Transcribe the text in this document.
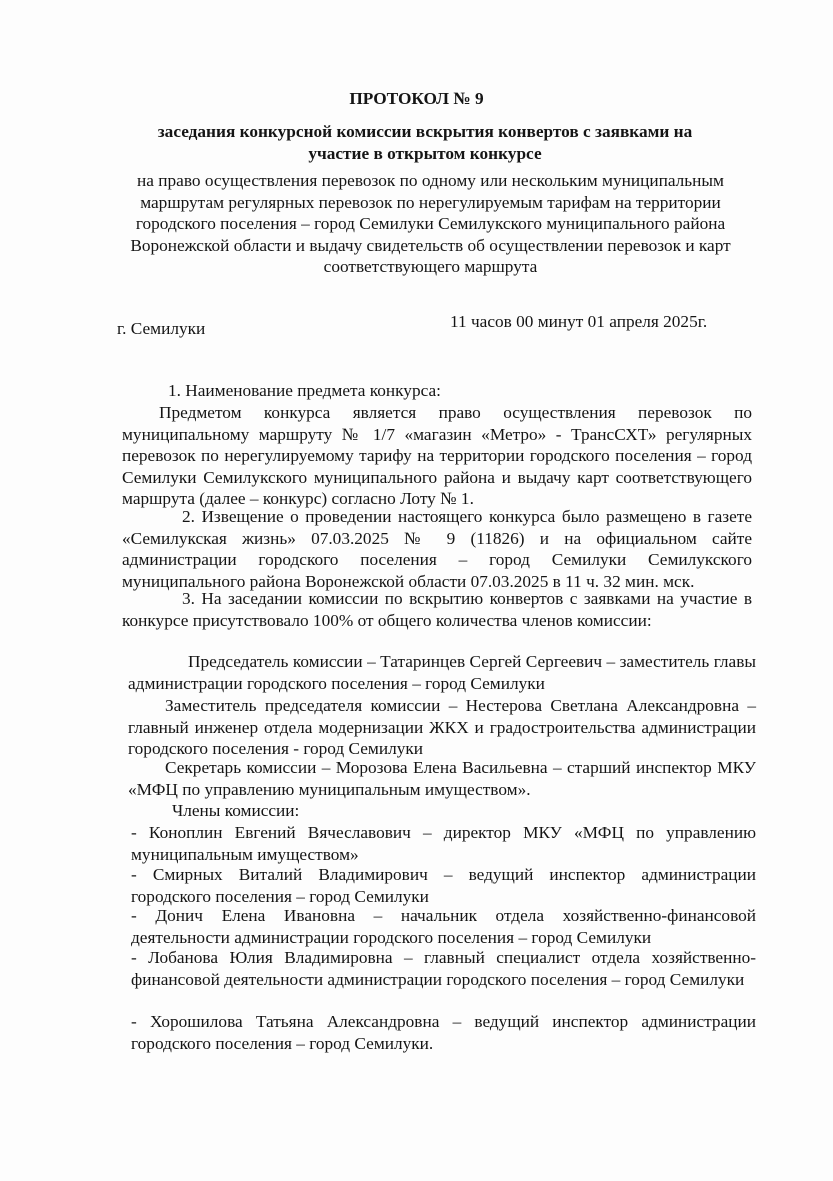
ПРОТОКОЛ № 9
заседания конкурсной комиссии вскрытия конвертов с заявками на участие в открытом конкурсе
на право осуществления перевозок по одному или нескольким муниципальным маршрутам регулярных перевозок по нерегулируемым тарифам на территории городского поселения – город Семилуки Семилукского муниципального района Воронежской области и выдачу свидетельств об осуществлении перевозок и карт соответствующего маршрута
г. Семилуки	11 часов 00 минут 01 апреля 2025г.
1. Наименование предмета конкурса:
Предметом конкурса является право осуществления перевозок по муниципальному маршруту № 1/7 «магазин «Метро» - ТрансСХТ» регулярных перевозок по нерегулируемому тарифу на территории городского поселения – город Семилуки Семилукского муниципального района и выдачу карт соответствующего маршрута (далее – конкурс) согласно Лоту № 1.
2. Извещение о проведении настоящего конкурса было размещено в газете «Семилукская жизнь» 07.03.2025 № 9 (11826) и на официальном сайте администрации городского поселения – город Семилуки Семилукского муниципального района Воронежской области 07.03.2025 в 11 ч. 32 мин. мск.
3. На заседании комиссии по вскрытию конвертов с заявками на участие в конкурсе присутствовало 100% от общего количества членов комиссии:
Председатель комиссии – Татаринцев Сергей Сергеевич – заместитель главы администрации городского поселения – город Семилуки
Заместитель председателя комиссии – Нестерова Светлана Александровна – главный инженер отдела модернизации ЖКХ и градостроительства администрации городского поселения - город Семилуки
Секретарь комиссии – Морозова Елена Васильевна – старший инспектор МКУ «МФЦ по управлению муниципальным имуществом».
Члены комиссии:
- Коноплин Евгений Вячеславович – директор МКУ «МФЦ по управлению муниципальным имуществом»
- Смирных Виталий Владимирович – ведущий инспектор администрации городского поселения – город Семилуки
- Донич Елена Ивановна – начальник отдела хозяйственно-финансовой деятельности администрации городского поселения – город Семилуки
- Лобанова Юлия Владимировна – главный специалист отдела хозяйственно-финансовой деятельности администрации городского поселения – город Семилуки
- Хорошилова Татьяна Александровна – ведущий инспектор администрации городского поселения – город Семилуки.
